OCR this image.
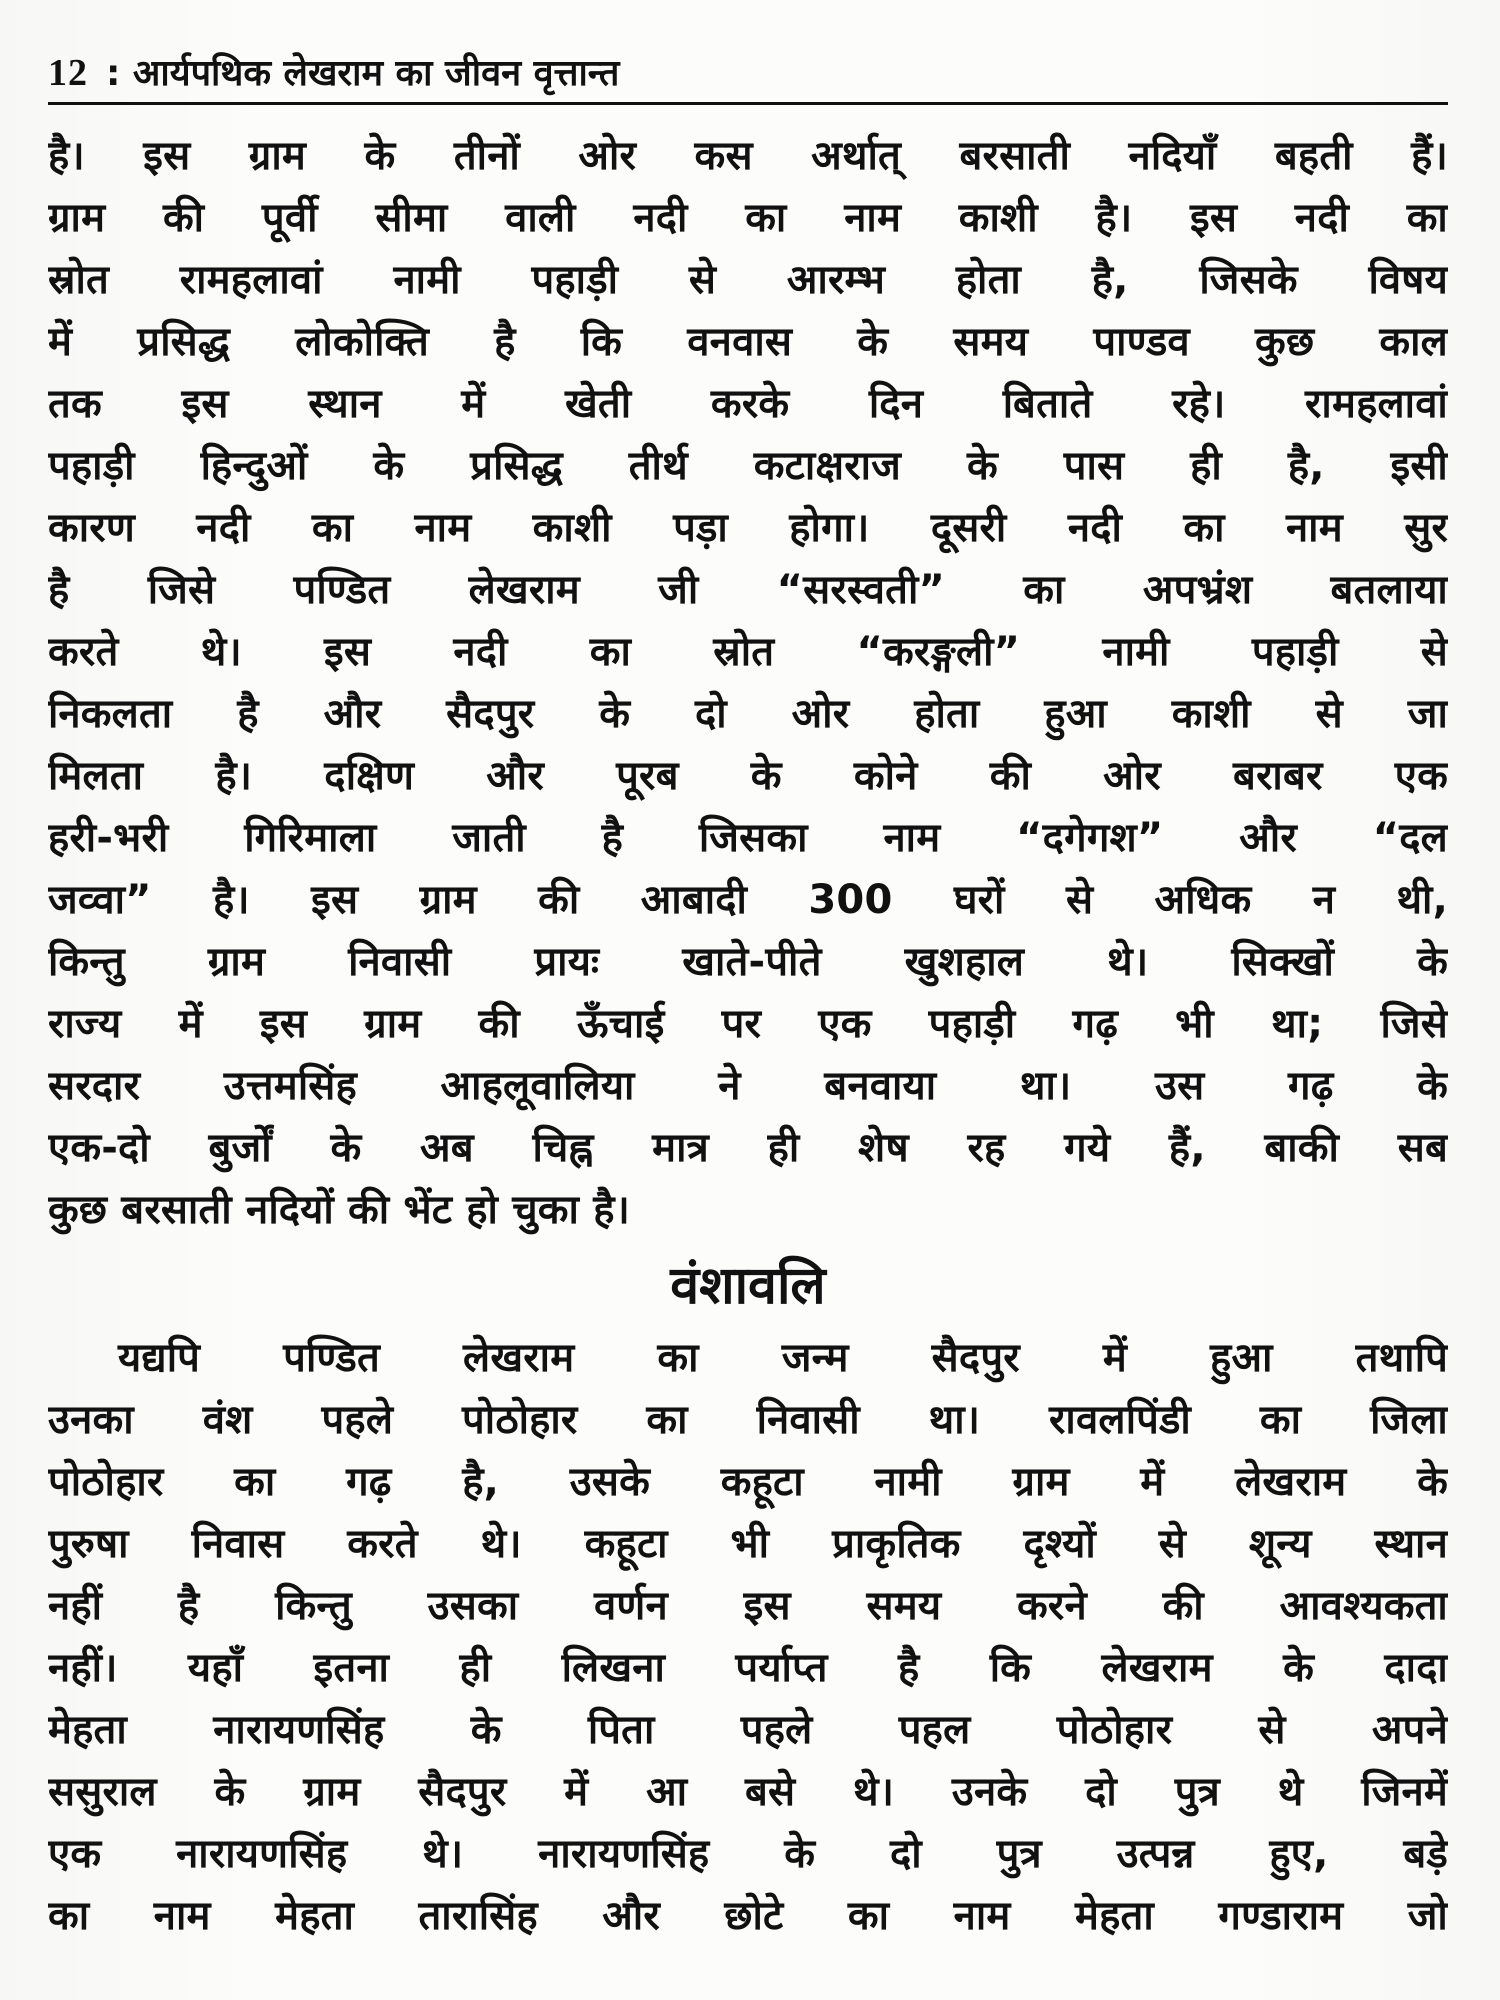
12 : आर्यपथिक लेखराम का जीवन वृत्तान्त
है। इस ग्राम के तीनों ओर कस अर्थात् बरसाती नदियाँ बहती हैं।
ग्राम की पूर्वी सीमा वाली नदी का नाम काशी है। इस नदी का
स्रोत रामहलावां नामी पहाड़ी से आरम्भ होता है, जिसके विषय
में प्रसिद्ध लोकोक्ति है कि वनवास के समय पाण्डव कुछ काल
तक इस स्थान में खेती करके दिन बिताते रहे। रामहलावां
पहाड़ी हिन्दुओं के प्रसिद्ध तीर्थ कटाक्षराज के पास ही है, इसी
कारण नदी का नाम काशी पड़ा होगा। दूसरी नदी का नाम सुर
है जिसे पण्डित लेखराम जी “सरस्वती” का अपभ्रंश बतलाया
करते थे। इस नदी का स्रोत “करङ्गली” नामी पहाड़ी से
निकलता है और सैदपुर के दो ओर होता हुआ काशी से जा
मिलता है। दक्षिण और पूरब के कोने की ओर बराबर एक
हरी-भरी गिरिमाला जाती है जिसका नाम “दगेगश” और “दल
जव्वा” है। इस ग्राम की आबादी 300 घरों से अधिक न थी,
किन्तु ग्राम निवासी प्रायः खाते-पीते खुशहाल थे। सिक्खों के
राज्य में इस ग्राम की ऊँचाई पर एक पहाड़ी गढ़ भी था; जिसे
सरदार उत्तमसिंह आहलूवालिया ने बनवाया था। उस गढ़ के
एक-दो बुर्जों के अब चिह्न मात्र ही शेष रह गये हैं, बाकी सब
कुछ बरसाती नदियों की भेंट हो चुका है।
वंशावलि
यद्यपि पण्डित लेखराम का जन्म सैदपुर में हुआ तथापि
उनका वंश पहले पोठोहार का निवासी था। रावलपिंडी का जिला
पोठोहार का गढ़ है, उसके कहूटा नामी ग्राम में लेखराम के
पुरुषा निवास करते थे। कहूटा भी प्राकृतिक दृश्यों से शून्य स्थान
नहीं है किन्तु उसका वर्णन इस समय करने की आवश्यकता
नहीं। यहाँ इतना ही लिखना पर्याप्त है कि लेखराम के दादा
मेहता नारायणसिंह के पिता पहले पहल पोठोहार से अपने
ससुराल के ग्राम सैदपुर में आ बसे थे। उनके दो पुत्र थे जिनमें
एक नारायणसिंह थे। नारायणसिंह के दो पुत्र उत्पन्न हुए, बड़े
का नाम मेहता तारासिंह और छोटे का नाम मेहता गण्डाराम जो
